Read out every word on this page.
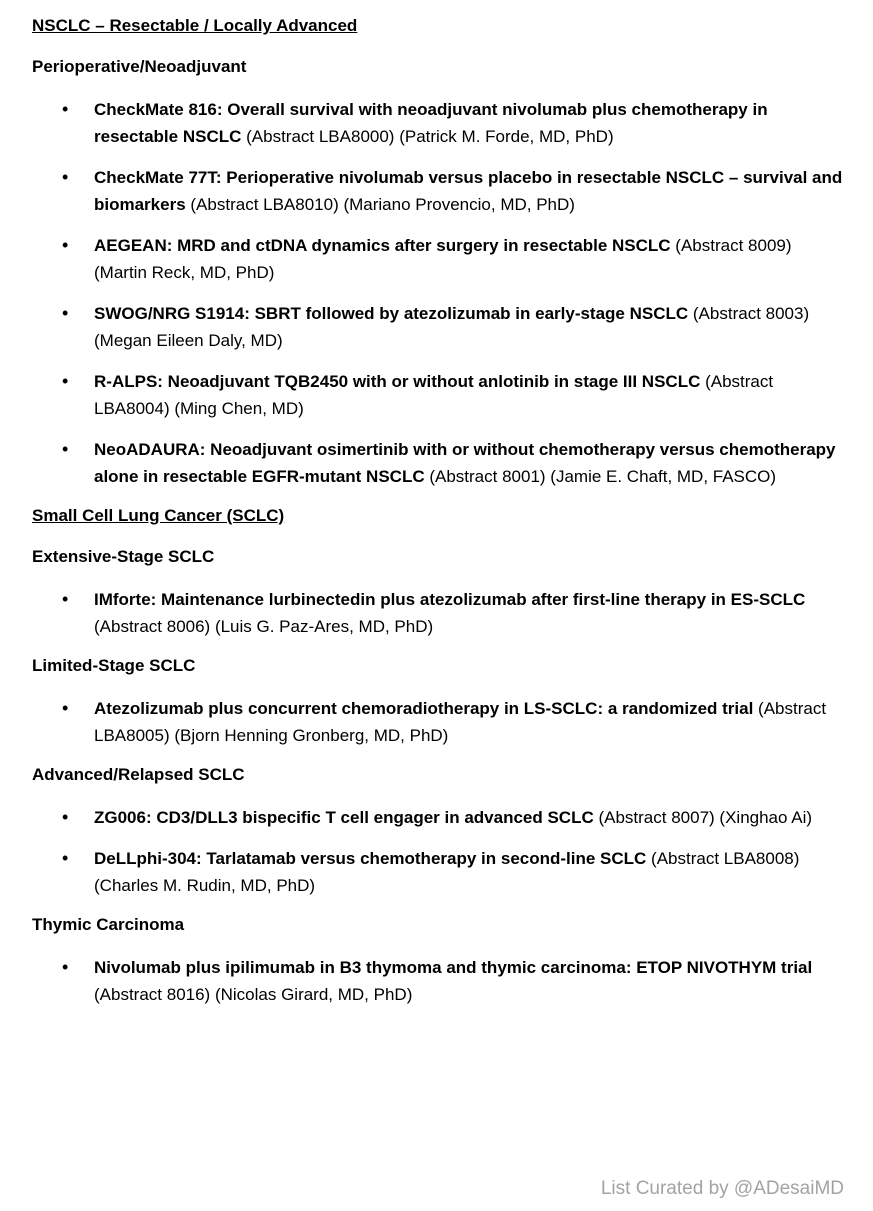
NSCLC – Resectable / Locally Advanced
Perioperative/Neoadjuvant
• CheckMate 816: Overall survival with neoadjuvant nivolumab plus chemotherapy in resectable NSCLC (Abstract LBA8000) (Patrick M. Forde, MD, PhD)
• CheckMate 77T: Perioperative nivolumab versus placebo in resectable NSCLC – survival and biomarkers (Abstract LBA8010) (Mariano Provencio, MD, PhD)
• AEGEAN: MRD and ctDNA dynamics after surgery in resectable NSCLC (Abstract 8009) (Martin Reck, MD, PhD)
• SWOG/NRG S1914: SBRT followed by atezolizumab in early-stage NSCLC (Abstract 8003) (Megan Eileen Daly, MD)
• R-ALPS: Neoadjuvant TQB2450 with or without anlotinib in stage III NSCLC (Abstract LBA8004) (Ming Chen, MD)
• NeoADAURA: Neoadjuvant osimertinib with or without chemotherapy versus chemotherapy alone in resectable EGFR-mutant NSCLC (Abstract 8001) (Jamie E. Chaft, MD, FASCO)
Small Cell Lung Cancer (SCLC)
Extensive-Stage SCLC
• IMforte: Maintenance lurbinectedin plus atezolizumab after first-line therapy in ES-SCLC (Abstract 8006) (Luis G. Paz-Ares, MD, PhD)
Limited-Stage SCLC
• Atezolizumab plus concurrent chemoradiotherapy in LS-SCLC: a randomized trial (Abstract LBA8005) (Bjorn Henning Gronberg, MD, PhD)
Advanced/Relapsed SCLC
• ZG006: CD3/DLL3 bispecific T cell engager in advanced SCLC (Abstract 8007) (Xinghao Ai)
• DeLLphi-304: Tarlatamab versus chemotherapy in second-line SCLC (Abstract LBA8008) (Charles M. Rudin, MD, PhD)
Thymic Carcinoma
• Nivolumab plus ipilimumab in B3 thymoma and thymic carcinoma: ETOP NIVOTHYM trial (Abstract 8016) (Nicolas Girard, MD, PhD)
List Curated by @ADesaiMD
